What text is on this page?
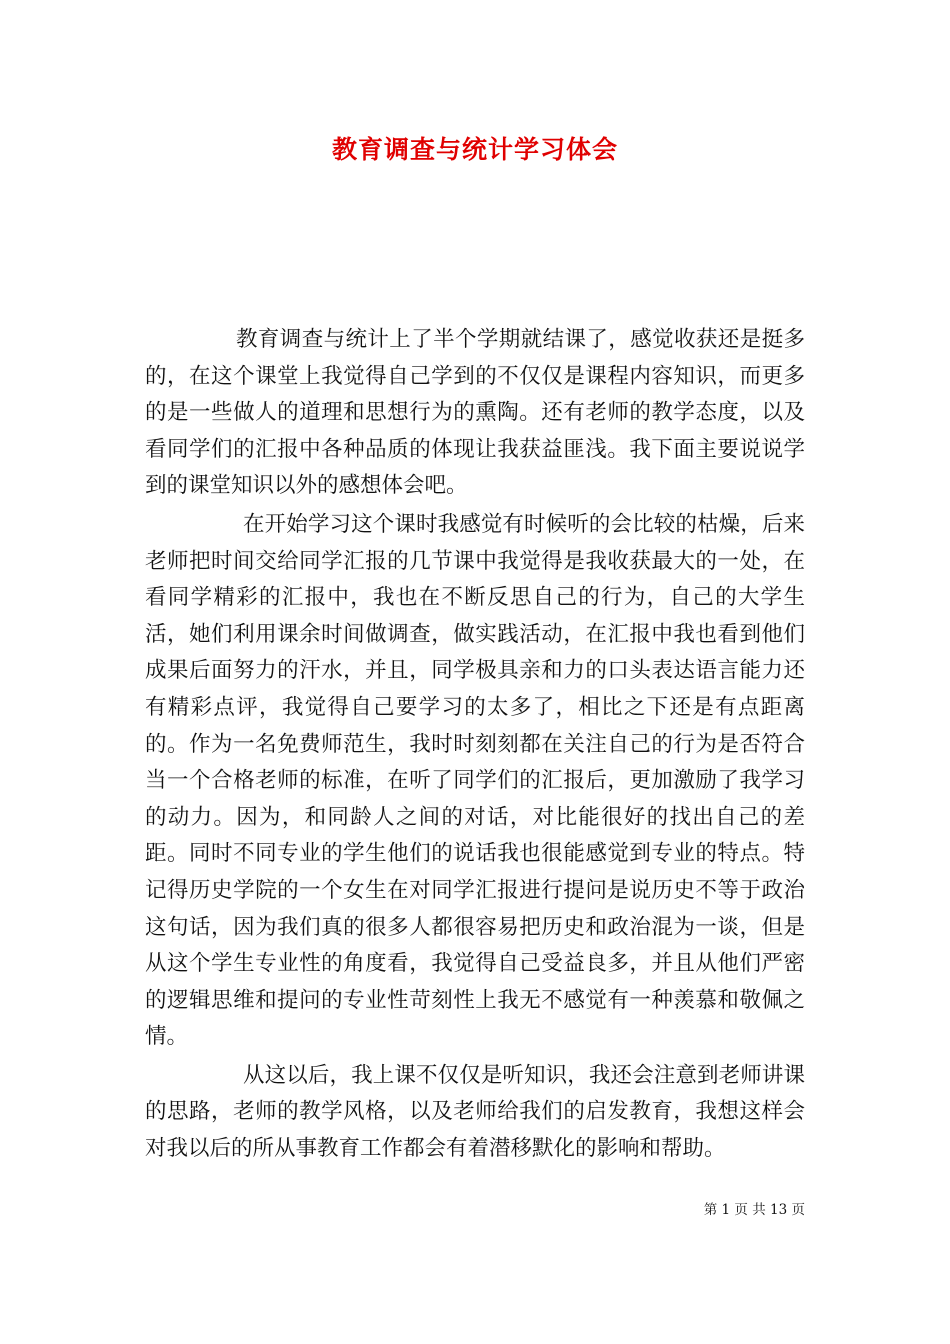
教育调查与统计学习体会

教育调查与统计上了半个学期就结课了，感觉收获还是挺多的，在这个课堂上我觉得自己学到的不仅仅是课程内容知识，而更多的是一些做人的道理和思想行为的熏陶。还有老师的教学态度，以及看同学们的汇报中各种品质的体现让我获益匪浅。我下面主要说说学到的课堂知识以外的感想体会吧。

在开始学习这个课时我感觉有时候听的会比较的枯燥，后来老师把时间交给同学汇报的几节课中我觉得是我收获最大的一处，在看同学精彩的汇报中，我也在不断反思自己的行为，自己的大学生活，她们利用课余时间做调查，做实践活动，在汇报中我也看到他们成果后面努力的汗水，并且，同学极具亲和力的口头表达语言能力还有精彩点评，我觉得自己要学习的太多了，相比之下还是有点距离的。作为一名免费师范生，我时时刻刻都在关注自己的行为是否符合当一个合格老师的标准，在听了同学们的汇报后，更加激励了我学习的动力。因为，和同龄人之间的对话，对比能很好的找出自己的差距。同时不同专业的学生他们的说话我也很能感觉到专业的特点。特记得历史学院的一个女生在对同学汇报进行提问是说历史不等于政治这句话，因为我们真的很多人都很容易把历史和政治混为一谈，但是从这个学生专业性的角度看，我觉得自己受益良多，并且从他们严密的逻辑思维和提问的专业性苛刻性上我无不感觉有一种羡慕和敬佩之情。

从这以后，我上课不仅仅是听知识，我还会注意到老师讲课的思路，老师的教学风格，以及老师给我们的启发教育，我想这样会对我以后的所从事教育工作都会有着潜移默化的影响和帮助。

第 1 页 共 13 页
